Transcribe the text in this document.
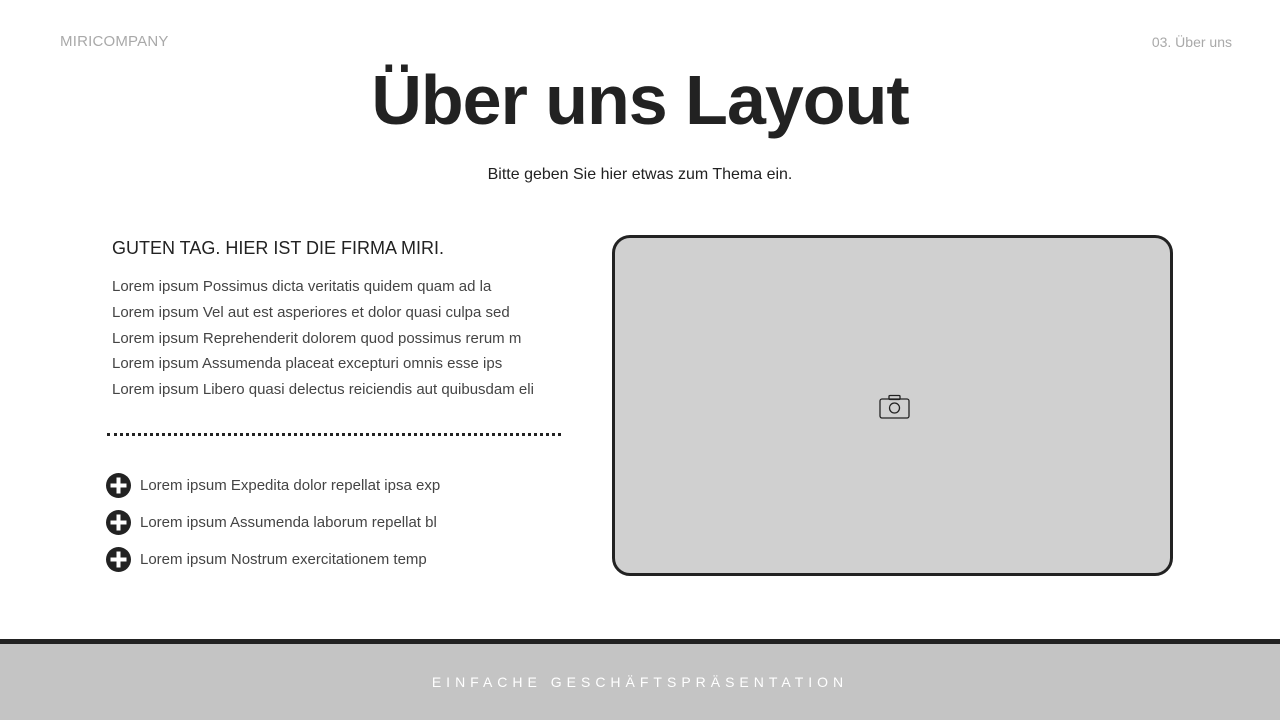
MIRICOMPANY	03. Über uns
Über uns Layout
Bitte geben Sie hier etwas zum Thema ein.
GUTEN TAG. HIER IST DIE FIRMA MIRI.
Lorem ipsum Possimus dicta veritatis quidem quam ad la
Lorem ipsum Vel aut est asperiores et dolor quasi culpa sed
Lorem ipsum Reprehenderit dolorem quod possimus rerum m
Lorem ipsum Assumenda placeat excepturi omnis esse ips
Lorem ipsum Libero quasi delectus reiciendis aut quibusdam eli
Lorem ipsum Expedita dolor repellat ipsa exp
Lorem ipsum Assumenda laborum repellat bl
Lorem ipsum Nostrum exercitationem temp
EINFACHE GESCHÄFTSPRÄSENTATION
